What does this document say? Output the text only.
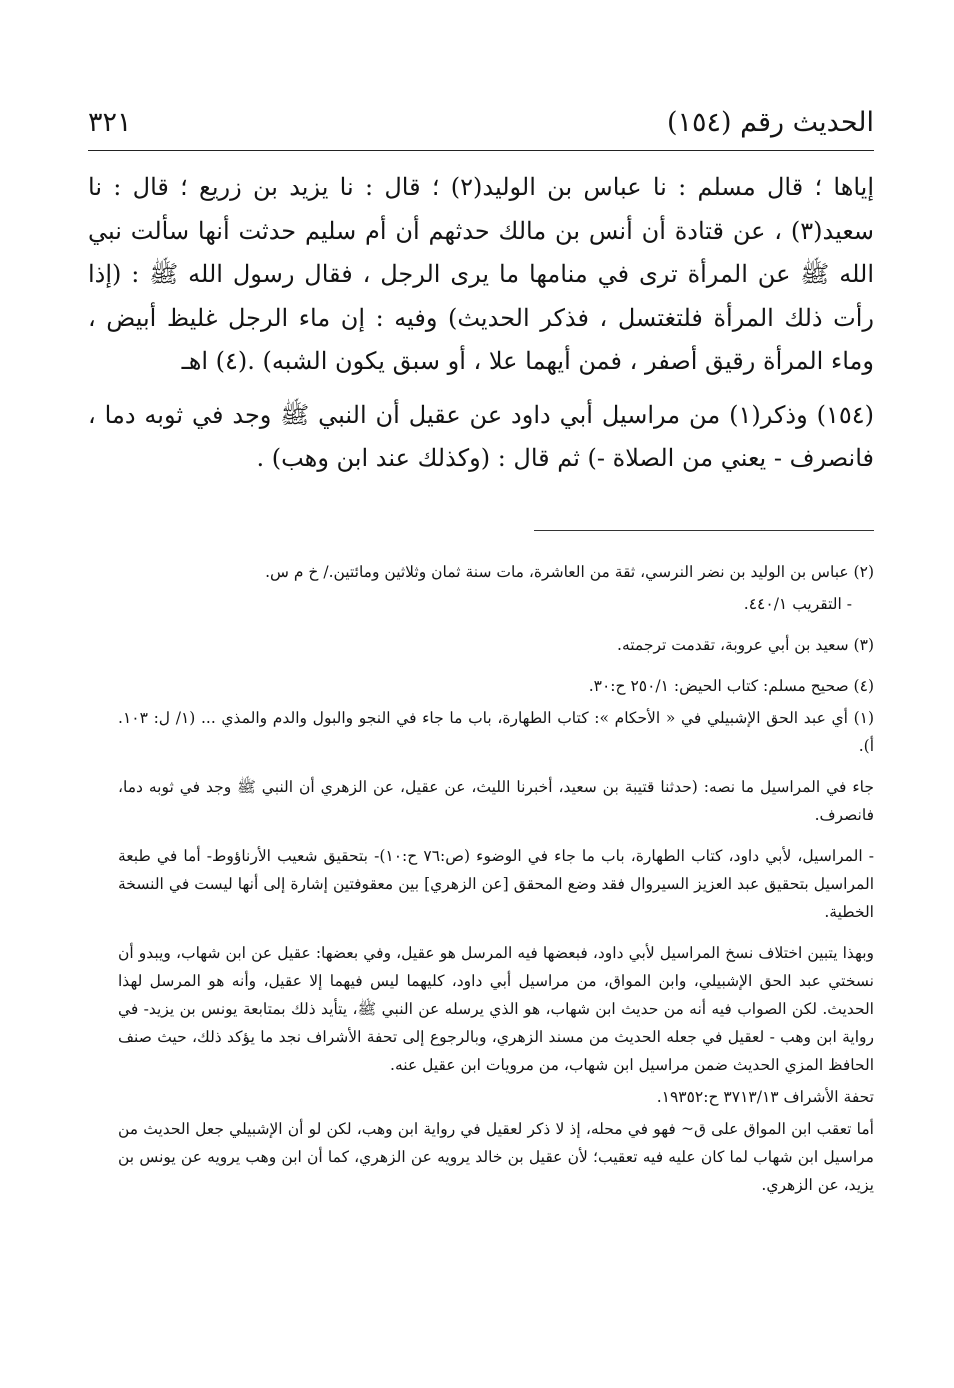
الحديث رقم (١٥٤)
٣٢١

إياها ؛ قال مسلم : نا عباس بن الوليد(٢) ؛ قال : نا يزيد بن زريع ؛ قال : نا سعيد(٣) ، عن قتادة أن أنس بن مالك حدثهم أن أم سليم حدثت أنها سألت نبي الله ﷺ عن المرأة ترى في منامها ما يرى الرجل ، فقال رسول الله ﷺ : (إذا رأت ذلك المرأة فلتغتسل ، فذكر الحديث) وفيه : إن ماء الرجل غليظ أبيض ، وماء المرأة رقيق أصفر ، فمن أيهما علا ، أو سبق يكون الشبه) .(٤) اهـ

(١٥٤) وذكر(١) من مراسيل أبي داود عن عقيل أن النبي ﷺ وجد في ثوبه دما ، فانصرف - يعني من الصلاة -) ثم قال : (وكذلك عند ابن وهب) .

(٢) عباس بن الوليد بن نضر النرسي، ثقة من العاشرة، مات سنة ثمان وثلاثين ومائتين./ خ م س.

- التقريب ٤٤٠/١.

(٣) سعيد بن أبي عروبة، تقدمت ترجمته.

(٤) صحيح مسلم: كتاب الحيض: ٢٥٠/١ ح:٣٠.

(١) أي عبد الحق الإشبيلي في « الأحكام »: كتاب الطهارة، باب ما جاء في النجو والبول والدم والمذي ... (١/ ل: ١٠٣. أ).

جاء في المراسيل ما نصه: (حدثنا قتيبة بن سعيد، أخبرنا الليث، عن عقيل، عن الزهري أن النبي ﷺ وجد في ثوبه دما، فانصرف.

- المراسيل، لأبي داود، كتاب الطهارة، باب ما جاء في الوضوء (ص:٧٦ ح:١٠)- بتحقيق شعيب الأرناؤوط- أما في طبعة المراسيل بتحقيق عبد العزيز السيروال فقد وضع المحقق [عن الزهري] بين معقوفتين إشارة إلى أنها ليست في النسخة الخطية.

وبهذا يتبين اختلاف نسخ المراسيل لأبي داود، فبعضها فيه المرسل هو عقيل، وفي بعضها: عقيل عن ابن شهاب، ويبدو أن نسختي عبد الحق الإشبيلي، وابن المواق، من مراسيل أبي داود، كليهما ليس فيهما إلا عقيل، وأنه هو المرسل لهذا الحديث. لكن الصواب فيه أنه من حديث ابن شهاب، هو الذي يرسله عن النبي ﷺ، يتأيد ذلك بمتابعة يونس بن يزيد- في رواية ابن وهب - لعقيل في جعله الحديث من مسند الزهري، وبالرجوع إلى تحفة الأشراف نجد ما يؤكد ذلك، حيث صنف الحافظ المزي الحديث ضمن مراسيل ابن شهاب، من مرويات ابن عقيل عنه.

تحفة الأشراف ٣٧١٣/١٣ ح:١٩٣٥٢.

أما تعقب ابن المواق على ق~ فهو في محله، إذ لا ذكر لعقيل في رواية ابن وهب، لكن لو أن الإشبيلي جعل الحديث من مراسيل ابن شهاب لما كان عليه فيه تعقيب؛ لأن عقيل بن خالد يرويه عن الزهري، كما أن ابن وهب يرويه عن يونس بن يزيد، عن الزهري.
